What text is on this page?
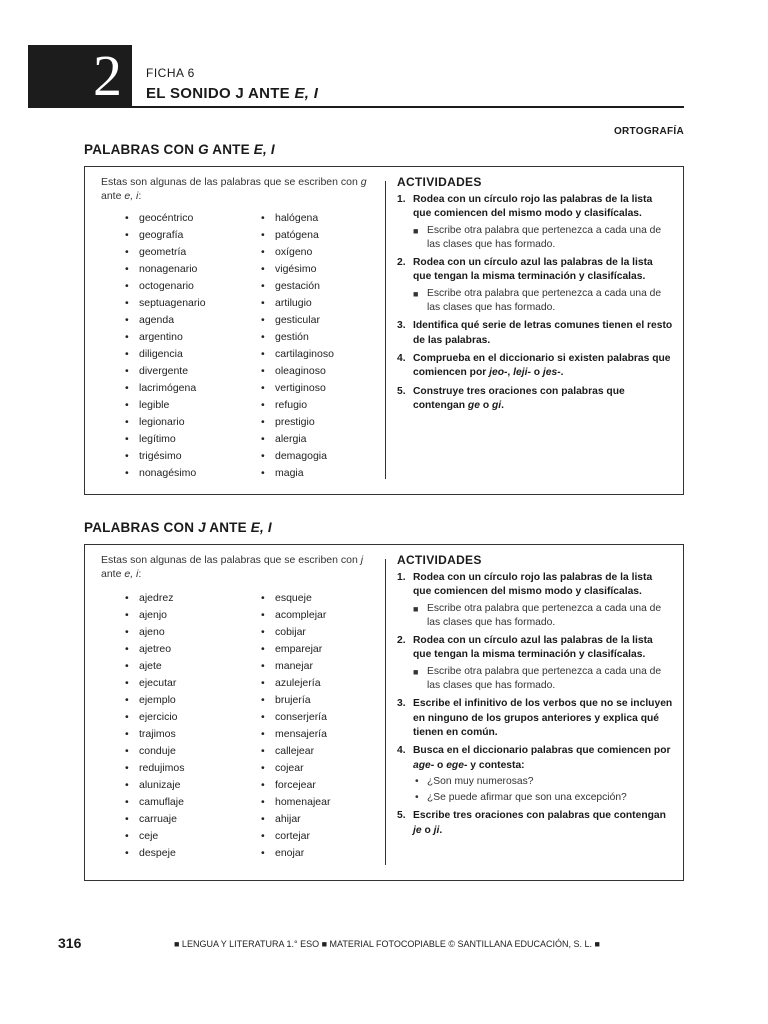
2 FICHA 6
EL SONIDO J ANTE E, I
ORTOGRAFÍA
PALABRAS CON G ANTE E, I
Estas son algunas de las palabras que se escriben con g ante e, i:
• geocéntrico
• geografía
• geometría
• nonagenario
• octogenario
• septuagenario
• agenda
• argentino
• diligencia
• divergente
• lacrimógena
• legible
• legionario
• legítimo
• trigésimo
• nonagésimo
• halógena
• patógena
• oxígeno
• vigésimo
• gestación
• artilugio
• gesticular
• gestión
• cartilaginoso
• oleaginoso
• vertiginoso
• refugio
• prestigio
• alergia
• demagogia
• magia
ACTIVIDADES
1. Rodea con un círculo rojo las palabras de la lista que comiencen del mismo modo y clasifícalas.
■ Escribe otra palabra que pertenezca a cada una de las clases que has formado.
2. Rodea con un círculo azul las palabras de la lista que tengan la misma terminación y clasifícalas.
■ Escribe otra palabra que pertenezca a cada una de las clases que has formado.
3. Identifica qué serie de letras comunes tienen el resto de las palabras.
4. Comprueba en el diccionario si existen palabras que comiencen por jeo-, leji- o jes-.
5. Construye tres oraciones con palabras que contengan ge o gi.
PALABRAS CON J ANTE E, I
Estas son algunas de las palabras que se escriben con j ante e, i:
• ajedrez
• ajenjo
• ajeno
• ajetreo
• ajete
• ejecutar
• ejemplo
• ejercicio
• trajimos
• conduje
• redujimos
• alunizaje
• camuflaje
• carruaje
• ceje
• despeje
• esqueje
• acomplejar
• cobijar
• emparejar
• manejar
• azulejería
• brujería
• conserjería
• mensajería
• callejear
• cojear
• forcejear
• homenajear
• ahijar
• cortejar
• enojar
ACTIVIDADES
1. Rodea con un círculo rojo las palabras de la lista que comiencen del mismo modo y clasifícalas.
■ Escribe otra palabra que pertenezca a cada una de las clases que has formado.
2. Rodea con un círculo azul las palabras de la lista que tengan la misma terminación y clasifícalas.
■ Escribe otra palabra que pertenezca a cada una de las clases que has formado.
3. Escribe el infinitivo de los verbos que no se incluyen en ninguno de los grupos anteriores y explica qué tienen en común.
4. Busca en el diccionario palabras que comiencen por age- o ege- y contesta:
• ¿Son muy numerosas?
• ¿Se puede afirmar que son una excepción?
5. Escribe tres oraciones con palabras que contengan je o ji.
316	■ LENGUA Y LITERATURA 1.° ESO ■ MATERIAL FOTOCOPIABLE © SANTILLANA EDUCACIÓN, S. L. ■
